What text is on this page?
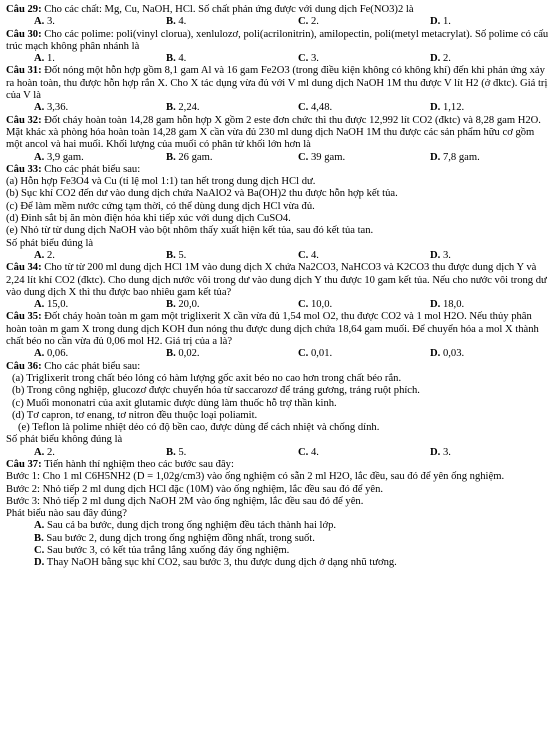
Câu 29: Cho các chất: Mg, Cu, NaOH, HCl. Số chất phản ứng được với dung dịch Fe(NO3)2 là

A. 3.	B. 4.	C. 2.	D. 1.

Câu 30: Cho các polime: poli(vinyl clorua), xenlulozơ, poli(acrilonitrin), amilopectin, poli(metyl metacrylat). Số polime có cấu trúc mạch không phân nhánh là

A. 1.	B. 4.	C. 3.	D. 2.

Câu 31: Đốt nóng một hỗn hợp gồm 8,1 gam Al và 16 gam Fe2O3 (trong điều kiện không có không khí) đến khi phản ứng xảy ra hoàn toàn, thu được hỗn hợp rắn X. Cho X tác dụng vừa đủ với V ml dung dịch NaOH 1M thu được V lít H2 (ở đktc). Giá trị của V là

A. 3,36.	B. 2,24.	C. 4,48.	D. 1,12.

Câu 32: Đốt cháy hoàn toàn 14,28 gam hỗn hợp X gồm 2 este đơn chức thì thu được 12,992 lít CO2 (đktc) và 8,28 gam H2O. Mặt khác xà phòng hóa hoàn toàn 14,28 gam X cần vừa đủ 230 ml dung dịch NaOH 1M thu được các sản phẩm hữu cơ gồm một ancol và hai muối. Khối lượng của muối có phân tử khối lớn hơn là

A. 3,9 gam.	B. 26 gam.	C. 39 gam.	D. 7,8 gam.

Câu 33: Cho các phát biểu sau:

(a) Hỗn hợp Fe3O4 và Cu (tỉ lệ mol 1:1) tan hết trong dung dịch HCl dư.

(b) Sục khí CO2 đến dư vào dung dịch chứa NaAlO2 và Ba(OH)2 thu được hỗn hợp kết tủa.

(c) Để làm mềm nước cứng tạm thời, có thể dùng dung dịch HCl vừa đủ.

(d) Đinh sắt bị ăn mòn điện hóa khi tiếp xúc với dung dịch CuSO4.

(e) Nhỏ từ từ dung dịch NaOH vào bột nhôm thấy xuất hiện kết tủa, sau đó kết tủa tan.

Số phát biểu đúng là

A. 2.	B. 5.	C. 4.	D. 3.

Câu 34: Cho từ từ 200 ml dung dịch HCl 1M vào dung dịch X chứa Na2CO3, NaHCO3 và K2CO3 thu được dung dịch Y và 2,24 lít khí CO2 (đktc). Cho dung dịch nước vôi trong dư vào dung dịch Y thu được 10 gam kết tủa. Nếu cho nước vôi trong dư vào dung dịch X thì thu được bao nhiêu gam kết tủa?

A. 15,0.	B. 20,0.	C. 10,0.	D. 18,0.

Câu 35: Đốt cháy hoàn toàn m gam một triglixerit X cần vừa đủ 1,54 mol O2, thu được CO2 và 1 mol H2O. Nếu thủy phân hoàn toàn m gam X trong dung dịch KOH đun nóng thu được dung dịch chứa 18,64 gam muối. Để chuyển hóa a mol X thành chất béo no cần vừa đủ 0,06 mol H2. Giá trị của a là?

A. 0,06.	B. 0,02.	C. 0,01.	D. 0,03.

Câu 36: Cho các phát biểu sau:

(a) Triglixerit trong chất béo lỏng có hàm lượng gốc axit béo no cao hơn trong chất béo rắn.

(b) Trong công nghiệp, glucozơ được chuyển hóa từ saccarozơ để tráng gương, tráng ruột phích.

(c) Muối mononatri của axit glutamic được dùng làm thuốc hỗ trợ thần kinh.

(d) Tơ capron, tơ enang, tơ nitron đều thuộc loại poliamit.

(e) Teflon là polime nhiệt dẻo có độ bền cao, được dùng để cách nhiệt và chống dính.

Số phát biểu không đúng là

A. 2.	B. 5.	C. 4.	D. 3.

Câu 37: Tiến hành thí nghiệm theo các bước sau đây:

Bước 1: Cho 1 ml C6H5NH2 (D = 1,02g/cm3) vào ống nghiệm có sẵn 2 ml H2O, lắc đều, sau đó để yên ống nghiệm.

Bước 2: Nhỏ tiếp 2 ml dung dịch HCl đặc (10M) vào ống nghiệm, lắc đều sau đó để yên.

Bước 3: Nhỏ tiếp 2 ml dung dịch NaOH 2M vào ống nghiệm, lắc đều sau đó để yên.

Phát biểu nào sau đây đúng?

A. Sau cả ba bước, dung dịch trong ống nghiệm đều tách thành hai lớp.
B. Sau bước 2, dung dịch trong ống nghiệm đồng nhất, trong suốt.
C. Sau bước 3, có kết tủa trắng lắng xuống đáy ống nghiệm.
D. Thay NaOH bằng sục khí CO2, sau bước 3, thu được dung dịch ở dạng nhũ tương.
